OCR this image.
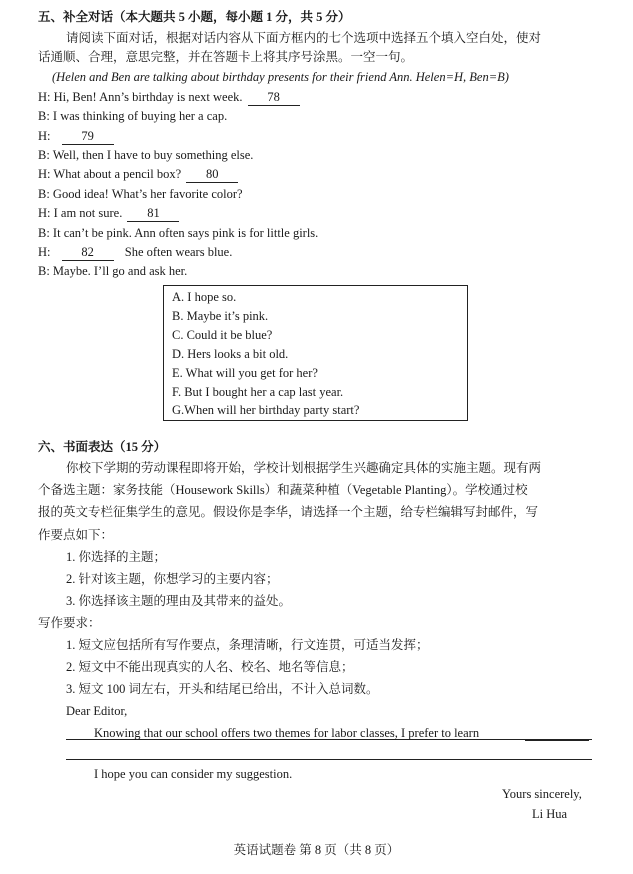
五、补全对话（本大题共 5 小题，每小题 1 分，共 5 分）
请阅读下面对话，根据对话内容从下面方框内的七个选项中选择五个填入空白处，使对
话通顺、合理，意思完整，并在答题卡上将其序号涂黑。一空一句。
(Helen and Ben are talking about birthday presents for their friend Ann. Helen=H, Ben=B)
H: Hi, Ben! Ann’s birthday is next week. 78
B: I was thinking of buying her a cap.
H: 79
B: Well, then I have to buy something else.
H: What about a pencil box? 80
B: Good idea! What’s her favorite color?
H: I am not sure. 81
B: It can’t be pink. Ann often says pink is for little girls.
H: 82 She often wears blue.
B: Maybe. I’ll go and ask her.
A. I hope so.
B. Maybe it’s pink.
C. Could it be blue?
D. Hers looks a bit old.
E. What will you get for her?
F. But I bought her a cap last year.
G.When will her birthday party start?
六、书面表达（15 分）
你校下学期的劳动课程即将开始，学校计划根据学生兴趣确定具体的实施主题。现有两
个备选主题：家务技能（Housework Skills）和蔬菜种植（Vegetable Planting）。学校通过校
报的英文专栏征集学生的意见。假设你是李华，请选择一个主题，给专栏编辑写封邮件，写
作要点如下：
1. 你选择的主题；
2. 针对该主题，你想学习的主要内容；
3. 你选择该主题的理由及其带来的益处。
写作要求：
1. 短文应包括所有写作要点，条理清晰，行文连贯，可适当发挥；
2. 短文中不能出现真实的人名、校名、地名等信息；
3. 短文 100 词左右，开头和结尾已给出，不计入总词数。
Dear Editor,
Knowing that our school offers two themes for labor classes, I prefer to learn
I hope you can consider my suggestion.
Yours sincerely,
Li Hua
英语试题卷 第 8 页（共 8 页）
